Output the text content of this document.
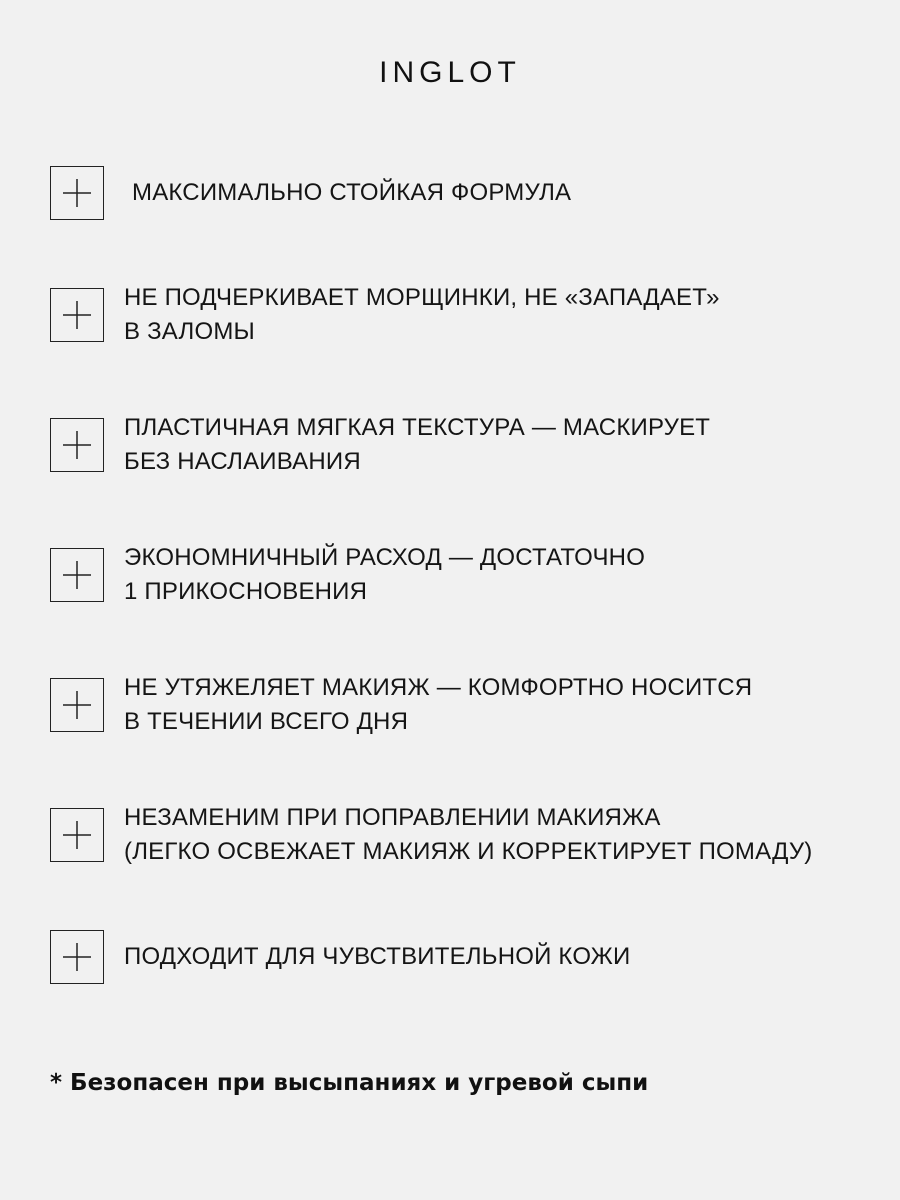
INGLOT
МАКСИМАЛЬНО СТОЙКАЯ ФОРМУЛА
НЕ ПОДЧЕРКИВАЕТ МОРЩИНКИ, НЕ «ЗАПАДАЕТ»
В ЗАЛОМЫ
ПЛАСТИЧНАЯ МЯГКАЯ ТЕКСТУРА — МАСКИРУЕТ
БЕЗ НАСЛАИВАНИЯ
ЭКОНОМНИЧНЫЙ РАСХОД — ДОСТАТОЧНО
1 ПРИКОСНОВЕНИЯ
НЕ УТЯЖЕЛЯЕТ МАКИЯЖ — КОМФОРТНО НОСИТСЯ
В ТЕЧЕНИИ ВСЕГО ДНЯ
НЕЗАМЕНИМ ПРИ ПОПРАВЛЕНИИ МАКИЯЖА
(ЛЕГКО ОСВЕЖАЕТ МАКИЯЖ И КОРРЕКТИРУЕТ ПОМАДУ)
ПОДХОДИТ ДЛЯ ЧУВСТВИТЕЛЬНОЙ КОЖИ
* Безопасен при высыпаниях и угревой сыпи
